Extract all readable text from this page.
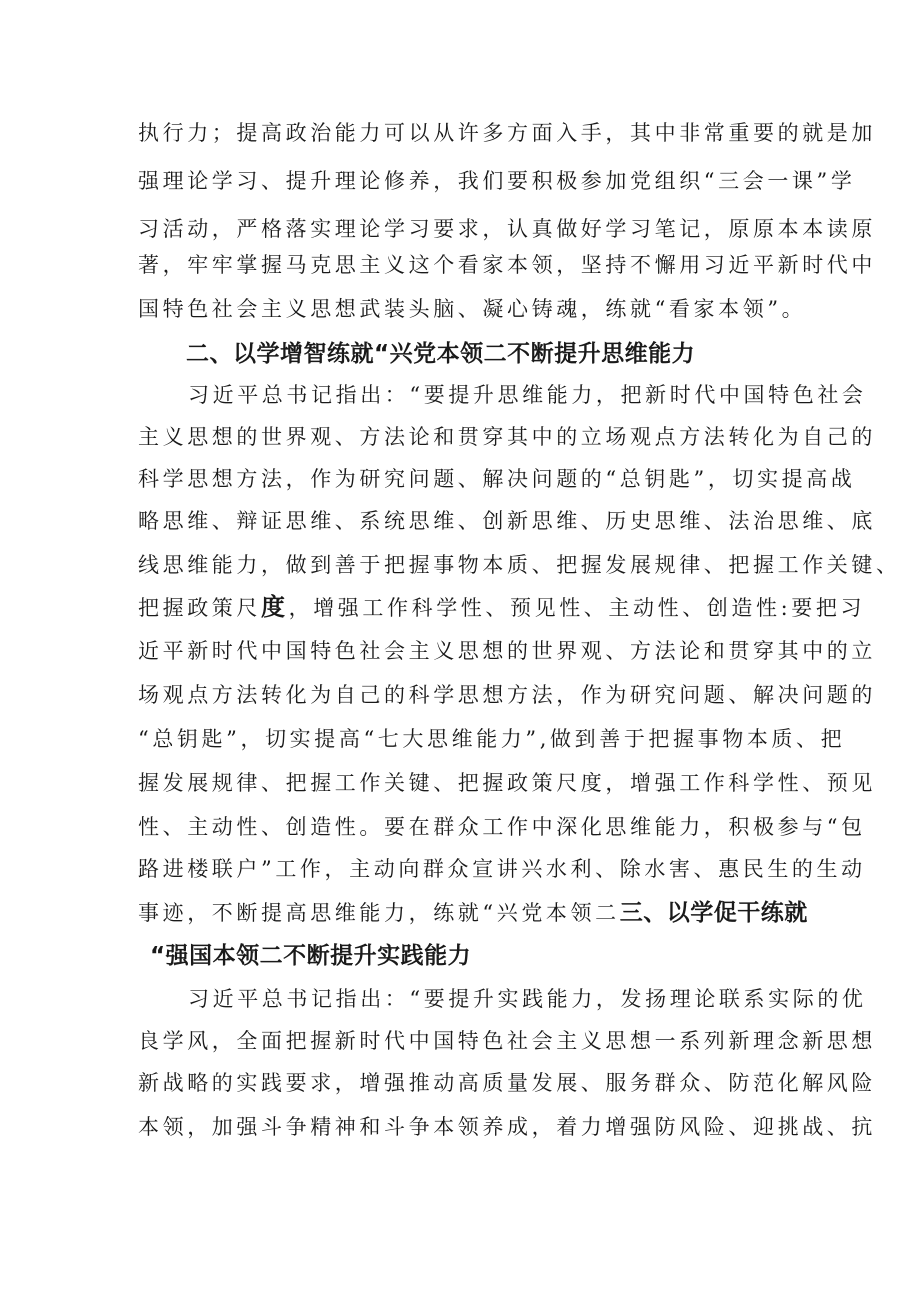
执行力；提高政治能力可以从许多方面入手，其中非常重要的就是加
强理论学习、提升理论修养，我们要积极参加党组织“三会一课”学
习活动，严格落实理论学习要求，认真做好学习笔记，原原本本读原
著，牢牢掌握马克思主义这个看家本领，坚持不懈用习近平新时代中
国特色社会主义思想武装头脑、凝心铸魂，练就“看家本领”。
二、以学增智练就“兴党本领二不断提升思维能力
习近平总书记指出：“要提升思维能力，把新时代中国特色社会
主义思想的世界观、方法论和贯穿其中的立场观点方法转化为自己的
科学思想方法，作为研究问题、解决问题的“总钥匙”，切实提高战
略思维、辩证思维、系统思维、创新思维、历史思维、法治思维、底
线思维能力，做到善于把握事物本质、把握发展规律、把握工作关键、
把握政策尺度，增强工作科学性、预见性、主动性、创造性:要把习
近平新时代中国特色社会主义思想的世界观、方法论和贯穿其中的立
场观点方法转化为自己的科学思想方法，作为研究问题、解决问题的
“总钥匙”，切实提高“七大思维能力”,做到善于把握事物本质、把
握发展规律、把握工作关键、把握政策尺度，增强工作科学性、预见
性、主动性、创造性。要在群众工作中深化思维能力，积极参与“包
路进楼联户”工作，主动向群众宣讲兴水利、除水害、惠民生的生动
事迹，不断提高思维能力，练就“兴党本领二三、以学促干练就
“强国本领二不断提升实践能力
习近平总书记指出：“要提升实践能力，发扬理论联系实际的优
良学风，全面把握新时代中国特色社会主义思想一系列新理念新思想
新战略的实践要求，增强推动高质量发展、服务群众、防范化解风险
本领，加强斗争精神和斗争本领养成，着力增强防风险、迎挑战、抗
